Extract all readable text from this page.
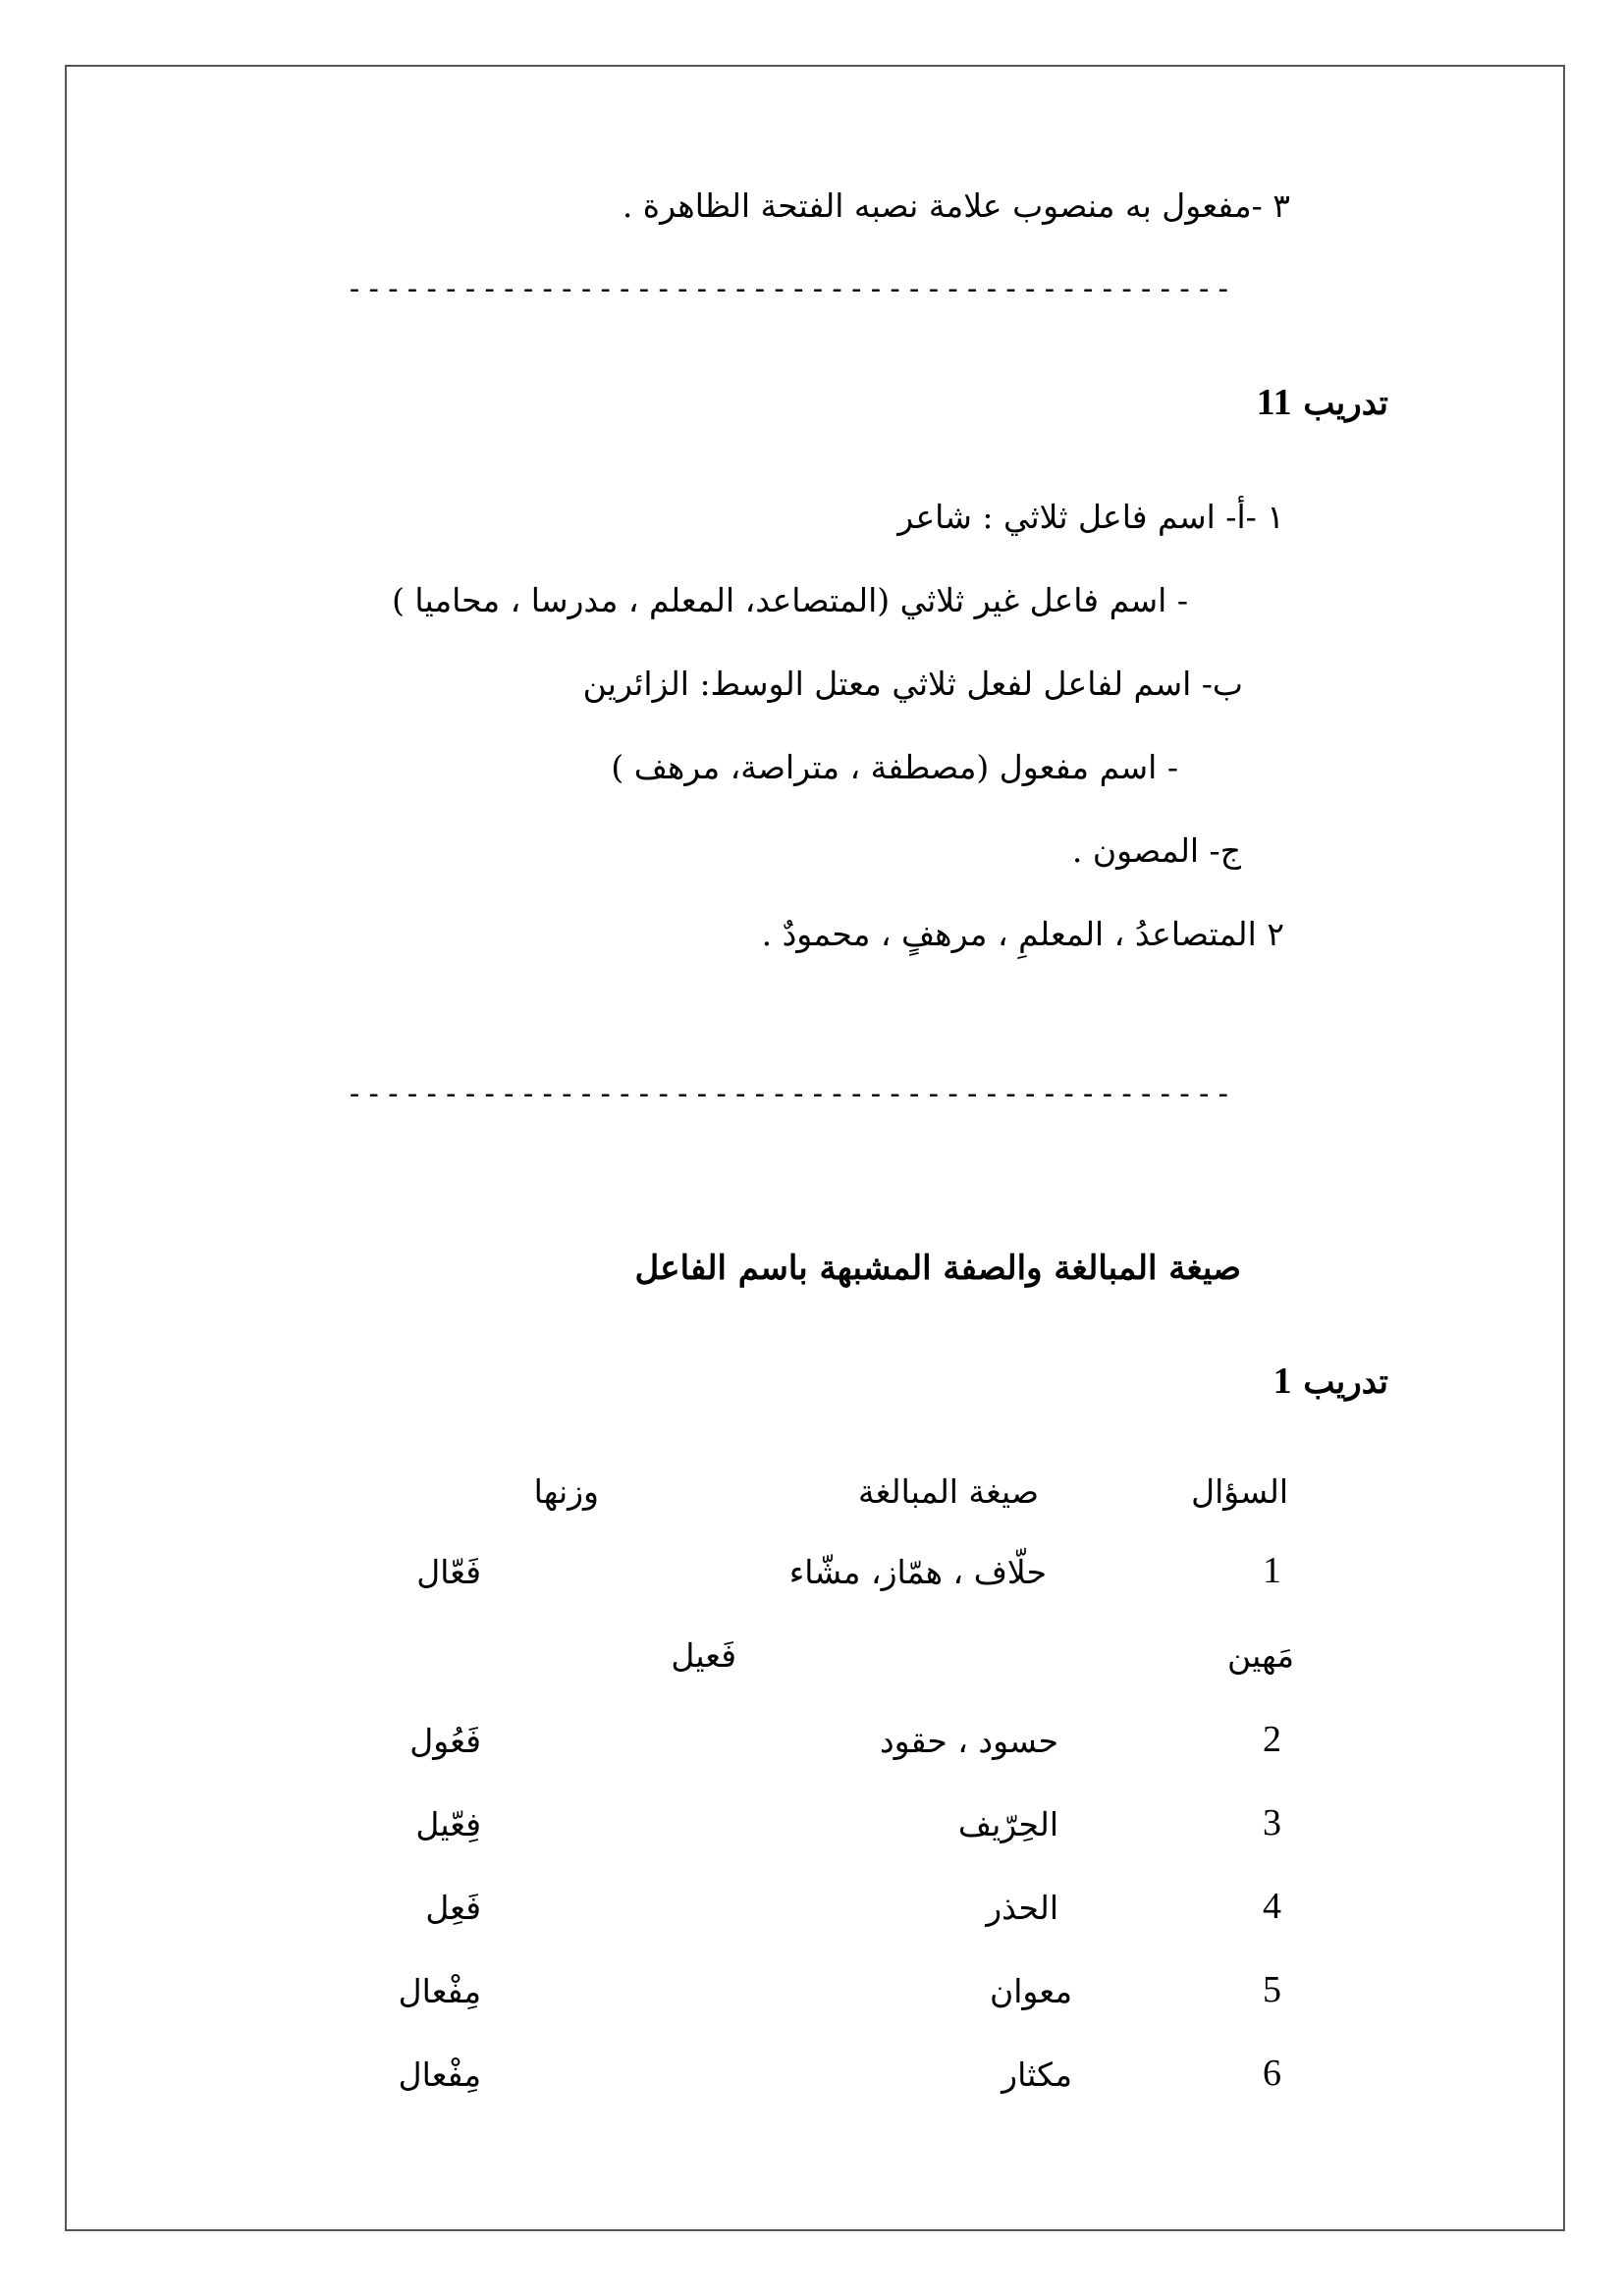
٣ -مفعول به منصوب علامة نصبه الفتحة الظاهرة .
----------------------------------------------
تدريب 11
١ -أ- اسم فاعل ثلاثي : شاعر
- اسم فاعل غير ثلاثي (المتصاعد، المعلم ، مدرسا ، محاميا )
ب- اسم لفاعل لفعل ثلاثي معتل الوسط: الزائرين
- اسم مفعول (مصطفة ، متراصة، مرهف )
ج- المصون .
٢ المتصاعدُ ، المعلمِ ، مرهفٍ ، محمودٌ .
----------------------------------------------
صيغة المبالغة والصفة المشبهة باسم الفاعل
تدريب 1
السؤال
صيغة المبالغة
وزنها
1
حلّاف ، همّاز، مشّاء
فَعّال
مَهين
فَعيل
2
حسود ، حقود
فَعُول
3
الحِرّيف
فِعّيل
4
الحذر
فَعِل
5
معوان
مِفْعال
6
مكثار
مِفْعال
